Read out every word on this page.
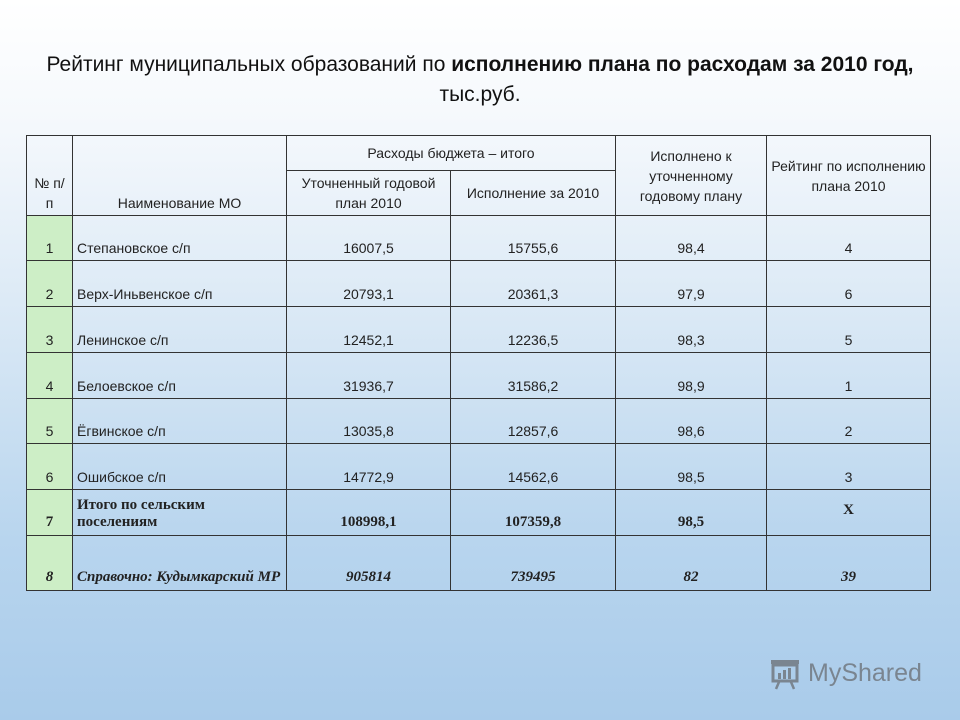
Рейтинг муниципальных образований по исполнению плана по расходам за 2010 год,
тыс.руб.
№ п/п	Наименование МО	Расходы бюджета – итого		Исполнено к уточненному годовому плану	Рейтинг по исполнению плана 2010
		Уточненный годовой план 2010	Исполнение за 2010		
1	Степановское с/п	16007,5	15755,6	98,4	4
2	Верх-Иньвенское с/п	20793,1	20361,3	97,9	6
3	Ленинское с/п	12452,1	12236,5	98,3	5
4	Белоевское с/п	31936,7	31586,2	98,9	1
5	Ёгвинское с/п	13035,8	12857,6	98,6	2
6	Ошибское с/п	14772,9	14562,6	98,5	3
7	Итого по сельским поселениям	108998,1	107359,8	98,5	Х
8	Справочно: Кудымкарский МР	905814	739495	82	39
MyShared
